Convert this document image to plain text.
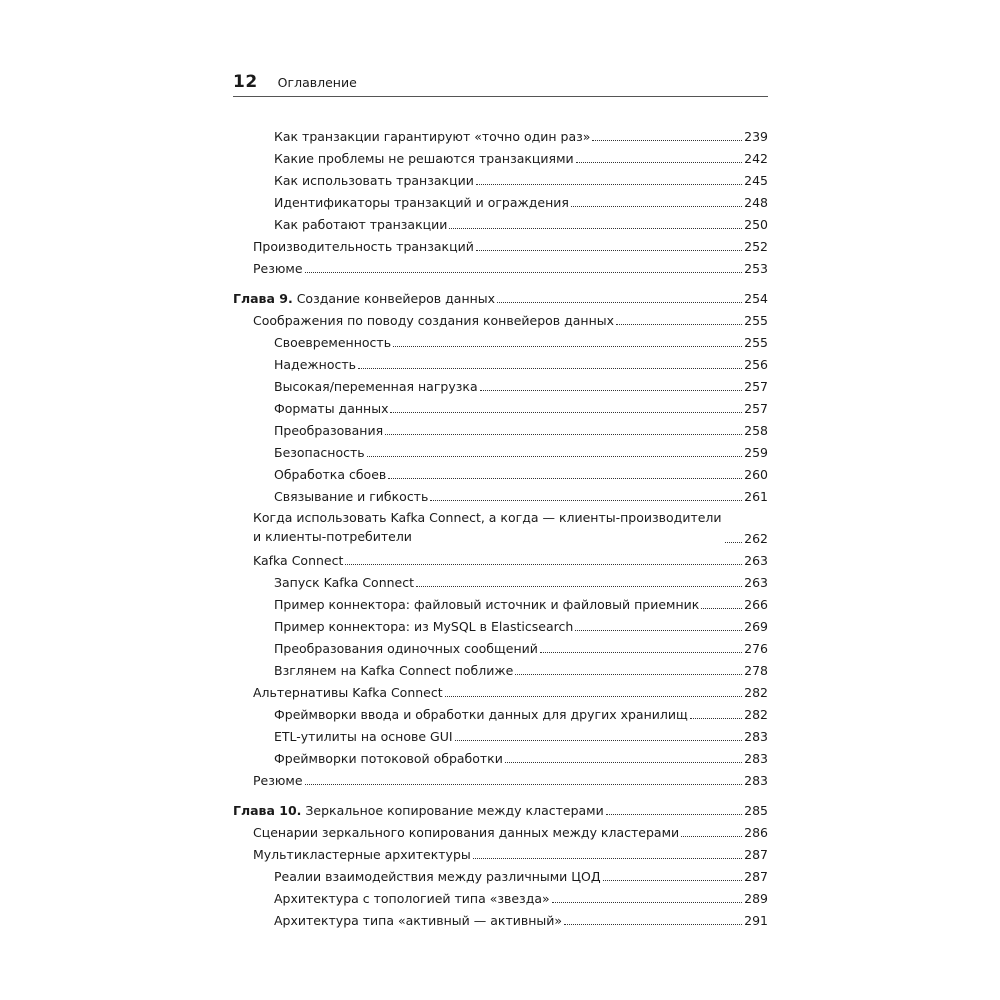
12 Оглавление
Как транзакции гарантируют «точно один раз»	239
Какие проблемы не решаются транзакциями	242
Как использовать транзакции	245
Идентификаторы транзакций и ограждения	248
Как работают транзакции	250
Производительность транзакций	252
Резюме	253
Глава 9. Создание конвейеров данных	254
Соображения по поводу создания конвейеров данных	255
Своевременность	255
Надежность	256
Высокая/переменная нагрузка	257
Форматы данных	257
Преобразования	258
Безопасность	259
Обработка сбоев	260
Связывание и гибкость	261
Когда использовать Kafka Connect, а когда — клиенты-производители и клиенты-потребители	262
Kafka Connect	263
Запуск Kafka Connect	263
Пример коннектора: файловый источник и файловый приемник	266
Пример коннектора: из MySQL в Elasticsearch	269
Преобразования одиночных сообщений	276
Взглянем на Kafka Connect поближе	278
Альтернативы Kafka Connect	282
Фреймворки ввода и обработки данных для других хранилищ	282
ETL-утилиты на основе GUI	283
Фреймворки потоковой обработки	283
Резюме	283
Глава 10. Зеркальное копирование между кластерами	285
Сценарии зеркального копирования данных между кластерами	286
Мультикластерные архитектуры	287
Реалии взаимодействия между различными ЦОД	287
Архитектура с топологией типа «звезда»	289
Архитектура типа «активный — активный»	291
